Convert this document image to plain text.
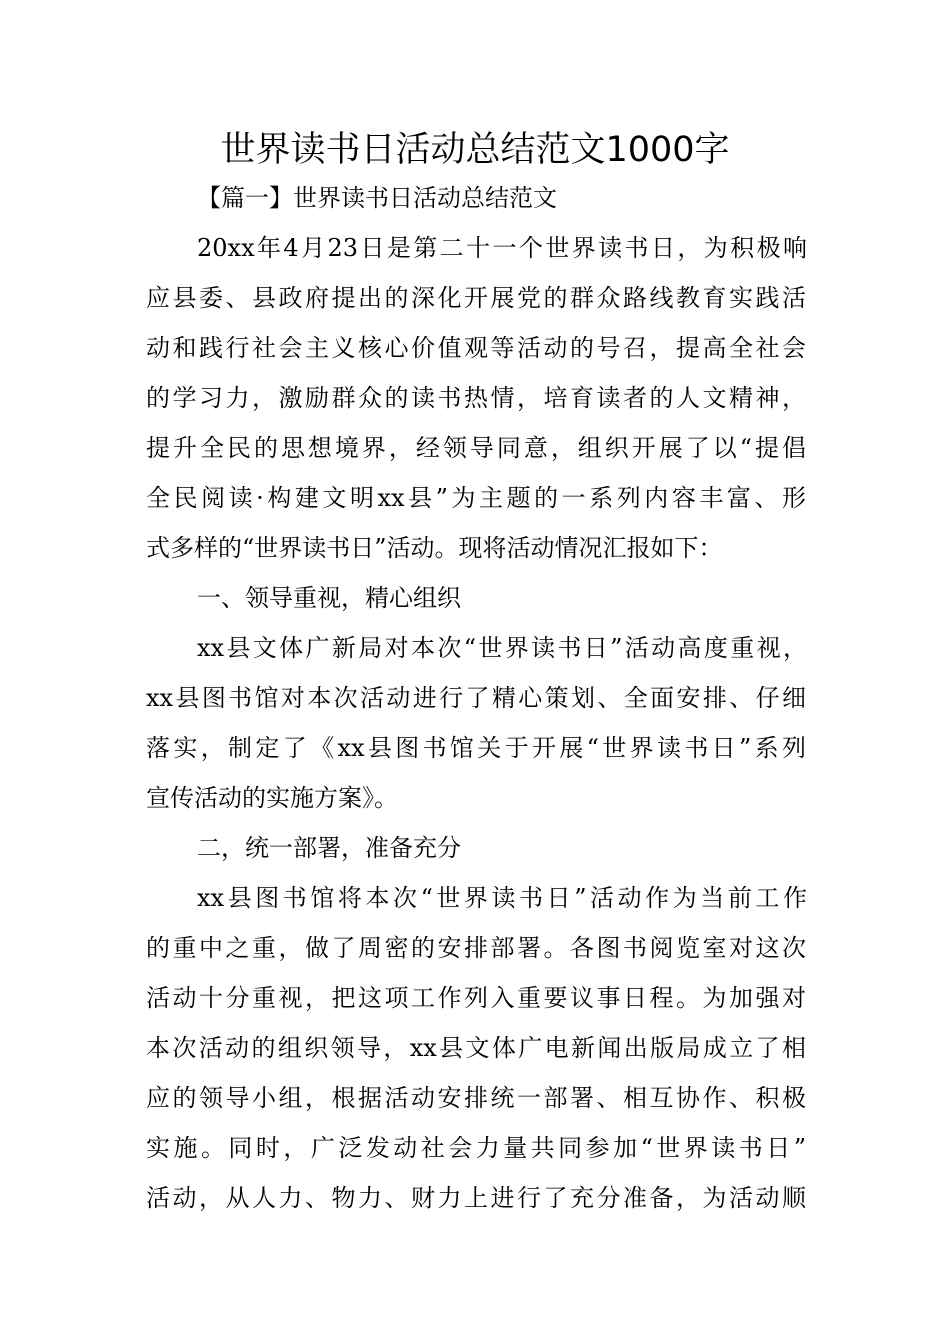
世界读书日活动总结范文1000字

【篇一】世界读书日活动总结范文

20xx年4月23日是第二十一个世界读书日，为积极响

应县委、县政府提出的深化开展党的群众路线教育实践活

动和践行社会主义核心价值观等活动的号召，提高全社会

的学习力，激励群众的读书热情，培育读者的人文精神，

提升全民的思想境界，经领导同意，组织开展了以“提倡

全民阅读·构建文明xx县”为主题的一系列内容丰富、形

式多样的“世界读书日”活动。现将活动情况汇报如下：

一、领导重视，精心组织

xx县文体广新局对本次“世界读书日”活动高度重视，

xx县图书馆对本次活动进行了精心策划、全面安排、仔细

落实，制定了《xx县图书馆关于开展“世界读书日”系列

宣传活动的实施方案》。

二，统一部署，准备充分

xx县图书馆将本次“世界读书日”活动作为当前工作

的重中之重，做了周密的安排部署。各图书阅览室对这次

活动十分重视，把这项工作列入重要议事日程。为加强对

本次活动的组织领导，xx县文体广电新闻出版局成立了相

应的领导小组，根据活动安排统一部署、相互协作、积极

实施。同时，广泛发动社会力量共同参加“世界读书日”

活动，从人力、物力、财力上进行了充分准备，为活动顺
